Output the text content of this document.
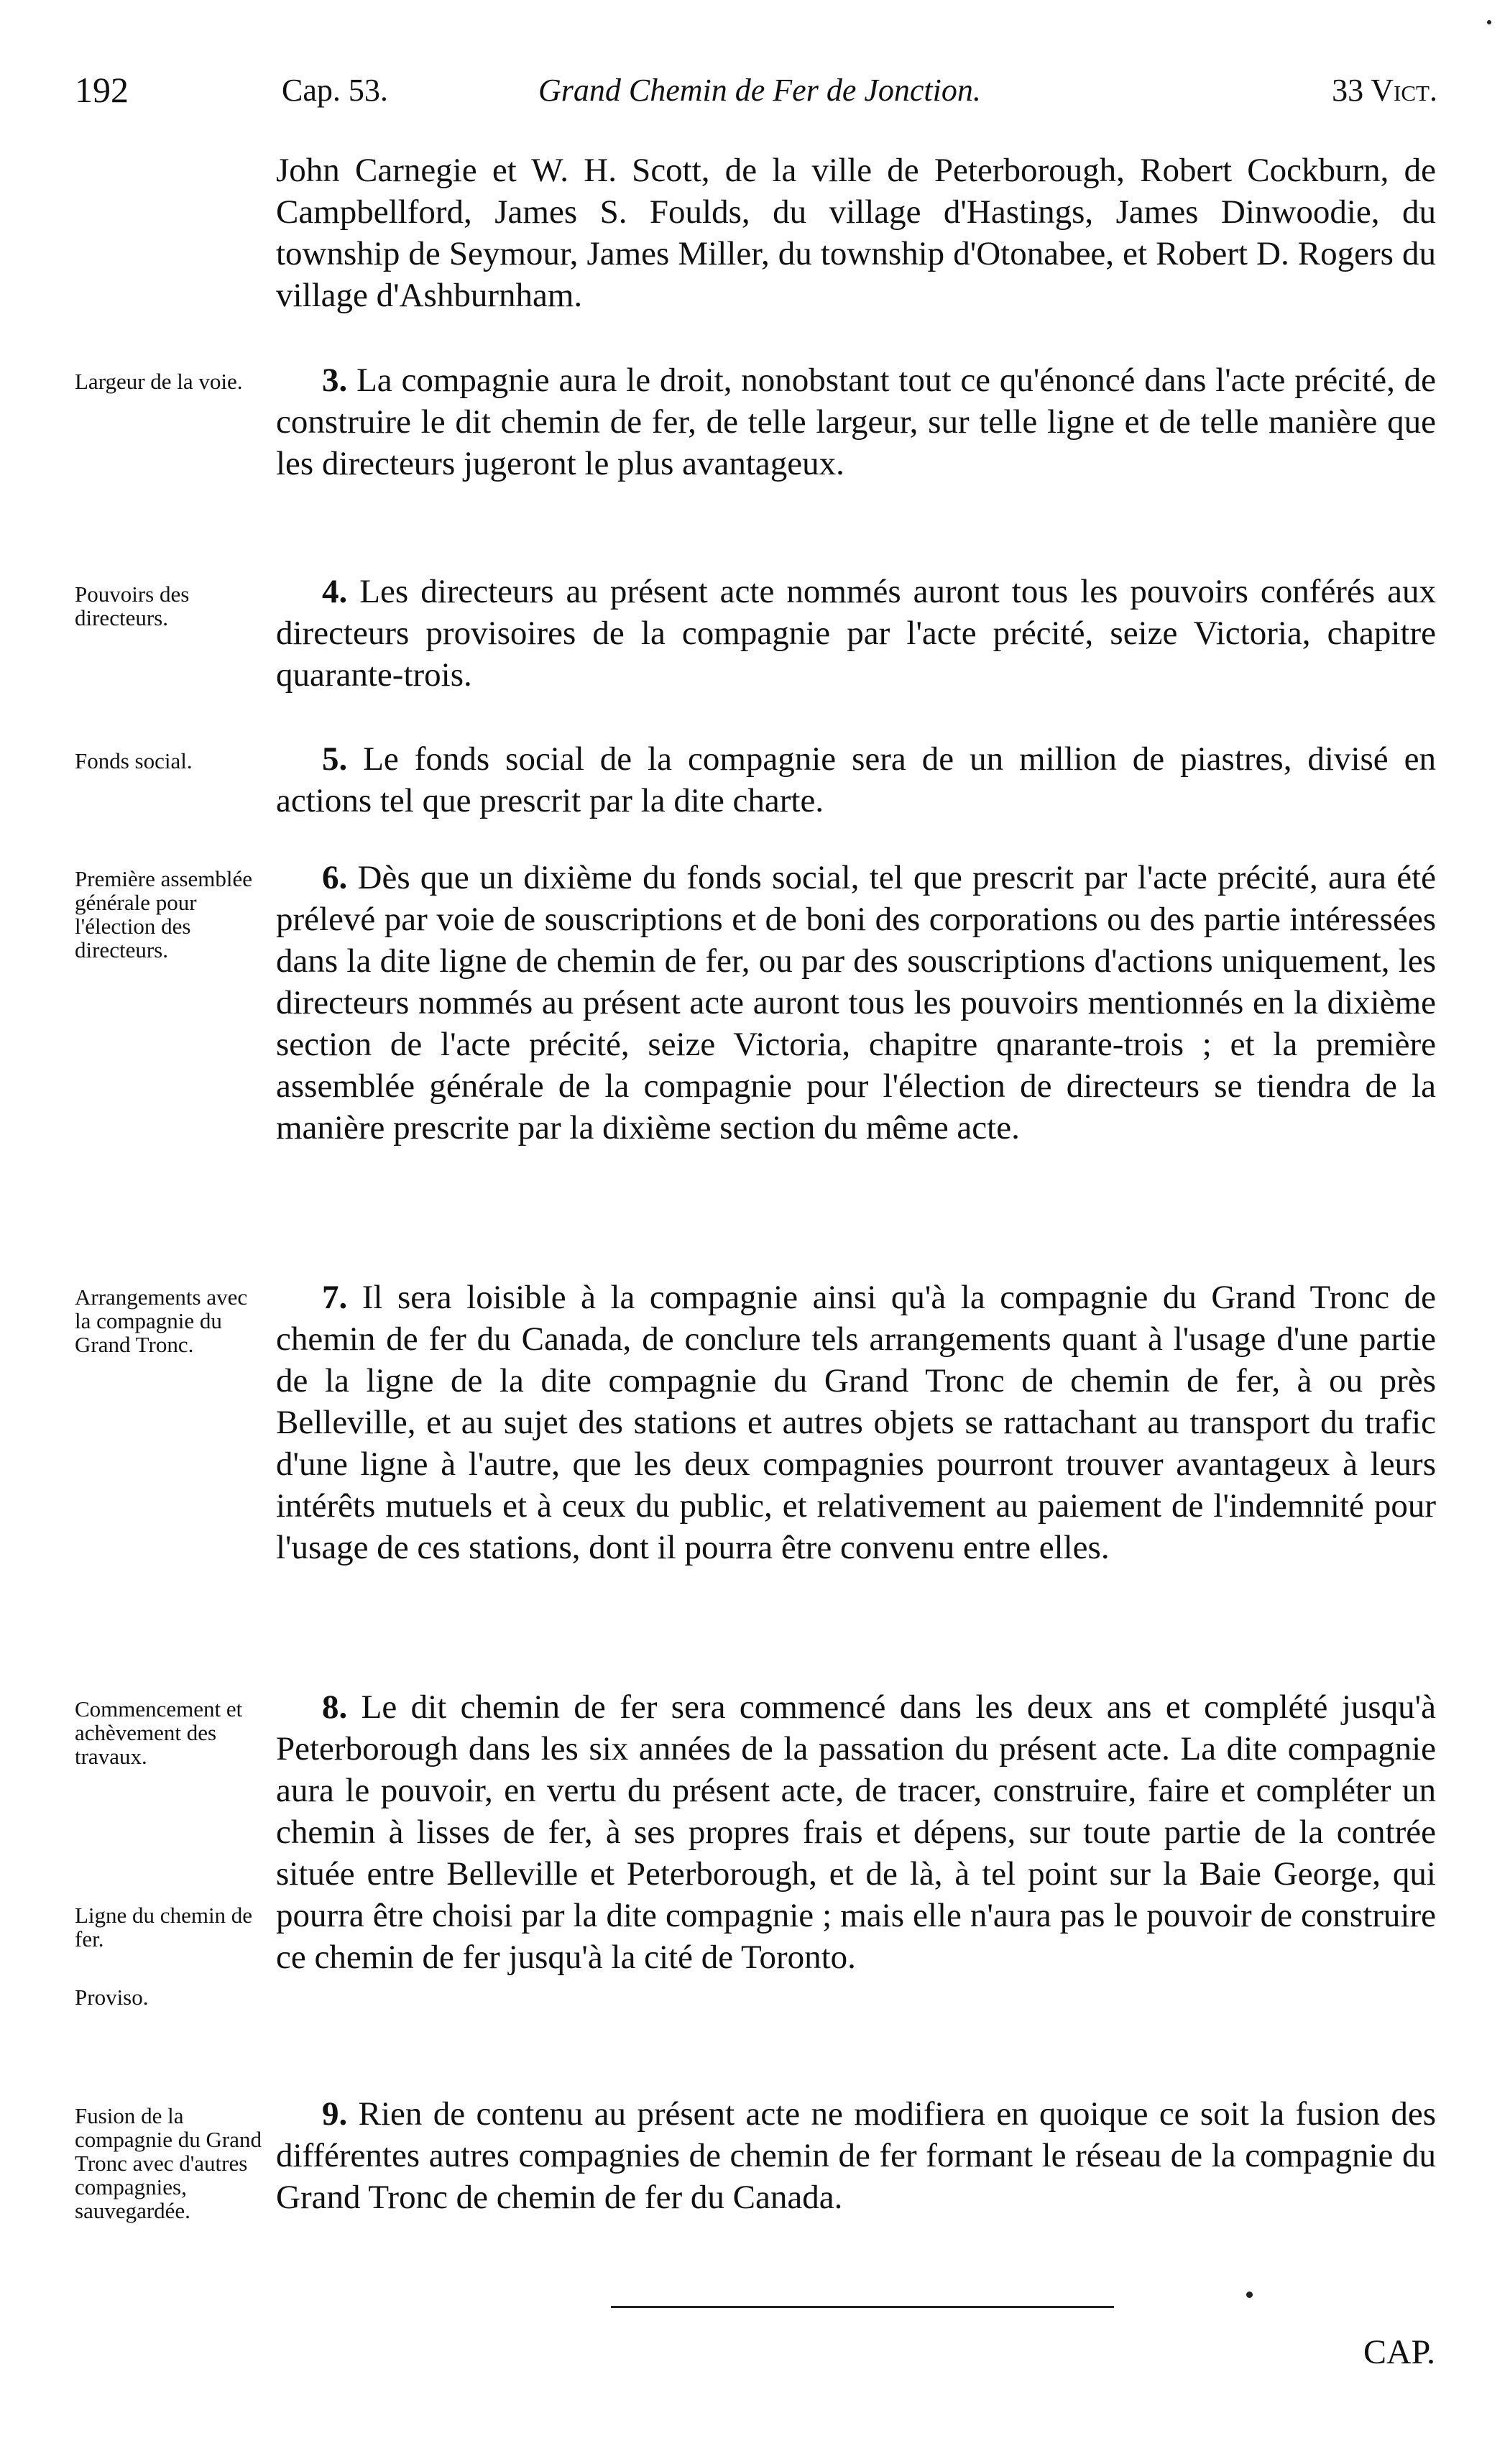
192	Cap. 53.	Grand Chemin de Fer de Jonction.	33 Vict.

John Carnegie et W. H. Scott, de la ville de Peterborough, Robert Cockburn, de Campbellford, James S. Foulds, du village d'Hastings, James Dinwoodie, du township de Seymour, James Miller, du township d'Otonabee, et Robert D. Rogers du village d'Ashburnham.

Largeur de la voie.	3. La compagnie aura le droit, nonobstant tout ce qu'énoncé dans l'acte précité, de construire le dit chemin de fer, de telle largeur, sur telle ligne et de telle manière que les directeurs jugeront le plus avantageux.

Pouvoirs des directeurs.

4. Les directeurs au présent acte nommés auront tous les pouvoirs conférés aux directeurs provisoires de la compagnie par l'acte précité, seize Victoria, chapitre quarante-trois.

Fonds social.	5. Le fonds social de la compagnie sera de un million de piastres, divisé en actions tel que prescrit par la dite charte.

Première assemblée générale pour l'élection des directeurs.

6. Dès que un dixième du fonds social, tel que prescrit par l'acte précité, aura été prélevé par voie de souscriptions et de boni des corporations ou des partie intéressées dans la dite ligne de chemin de fer, ou par des souscriptions d'actions uniquement, les directeurs nommés au présent acte auront tous les pouvoirs mentionnés en la dixième section de l'acte précité, seize Victoria, chapitre qnarante-trois ; et la première assemblée générale de la compagnie pour l'élection de directeurs se tiendra de la manière prescrite par la dixième section du même acte.

Arrangements avec la compagnie du Grand Tronc.

7. Il sera loisible à la compagnie ainsi qu'à la compagnie du Grand Tronc de chemin de fer du Canada, de conclure tels arrangements quant à l'usage d'une partie de la ligne de la dite compagnie du Grand Tronc de chemin de fer, à ou près Belleville, et au sujet des stations et autres objets se rattachant au transport du trafic d'une ligne à l'autre, que les deux compagnies pourront trouver avantageux à leurs intérêts mutuels et à ceux du public, et relativement au paiement de l'indemnité pour l'usage de ces stations, dont il pourra être convenu entre elles.

Commencement et achèvement des travaux.

Ligne du chemin de fer.

Proviso.

8. Le dit chemin de fer sera commencé dans les deux ans et complété jusqu'à Peterborough dans les six années de la passation du présent acte. La dite compagnie aura le pouvoir, en vertu du présent acte, de tracer, construire, faire et compléter un chemin à lisses de fer, à ses propres frais et dépens, sur toute partie de la contrée située entre Belleville et Peterborough, et de là, à tel point sur la Baie George, qui pourra être choisi par la dite compagnie ; mais elle n'aura pas le pouvoir de construire ce chemin de fer jusqu'à la cité de Toronto.

Fusion de la compagnie du Grand Tronc avec d'autres compagnies, sauvegardée.

9. Rien de contenu au présent acte ne modifiera en quoique ce soit la fusion des différentes autres compagnies de chemin de fer formant le réseau de la compagnie du Grand Tronc de chemin de fer du Canada.

CAP.
